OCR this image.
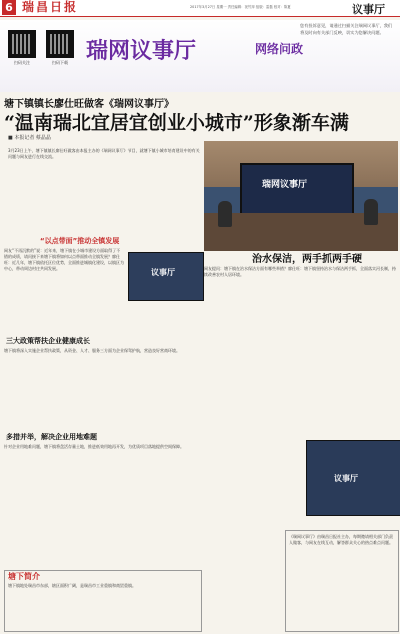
6 瑞昌日报	2017年3月27日 星期一 责任编辑：祝竹萍 组版：雷磊 校对：陈夏	议事厅
扫码关注	扫码下载 瑞网议事厅	网络问政
您有投诉意见，请通过扫描关注瑞网议事厅，我们将及时向有关部门反映，切实为您解决问题。
塘下镇镇长廖仕旺做客《瑞网议事厅》
“温南瑞北宜居宜创业小城市”形象渐车满
■ 本报记者 蔡晶晶
3月23日上午，塘下镇镇长廖仕旺做客由本报主办的《瑞网议事厅》节目，就塘下镇小城市培育建设中的有关问题与网友进行在线交流。
瑞网议事厅
“以点带面”推动全镇发展

网友“不再沉默的”说：近年来，塘下镇在小城市建设方面取得了不错的成绩，请问接下来塘下镇将如何以点带面推动全镇发展？廖仕旺：近几年，塘下镇依托区位优势，全面推进城镇化建设，以镇区为中心，带动周边村庄共同发展。	议事厅
三大政策帮扶企业健康成长

塘下镇将深入实施企业帮扶政策，从资金、人才、服务三方面为企业保驾护航，营造良好营商环境。

多措并举，解决企业用地难题

针对企业用地难问题，塘下镇将盘活存量土地，推进低效用地再开发，为优质项目落地提供空间保障。

治水保洁，两手抓两手硬

网友提问：塘下镇在治水保洁方面有哪些举措？廖仕旺：塘下镇坚持治水与保洁两手抓，全面落实河长制，持续改善农村人居环境。

议事厅
塘下简介

塘下镇地处瑞昌市东部，辖区面积广阔，是瑞昌市工业重镇和商贸重镇。

《瑞网议事厅》由瑞昌日报社主办，每期邀请相关部门负责人做客，与网友在线互动，解答群众关心的热点难点问题。
